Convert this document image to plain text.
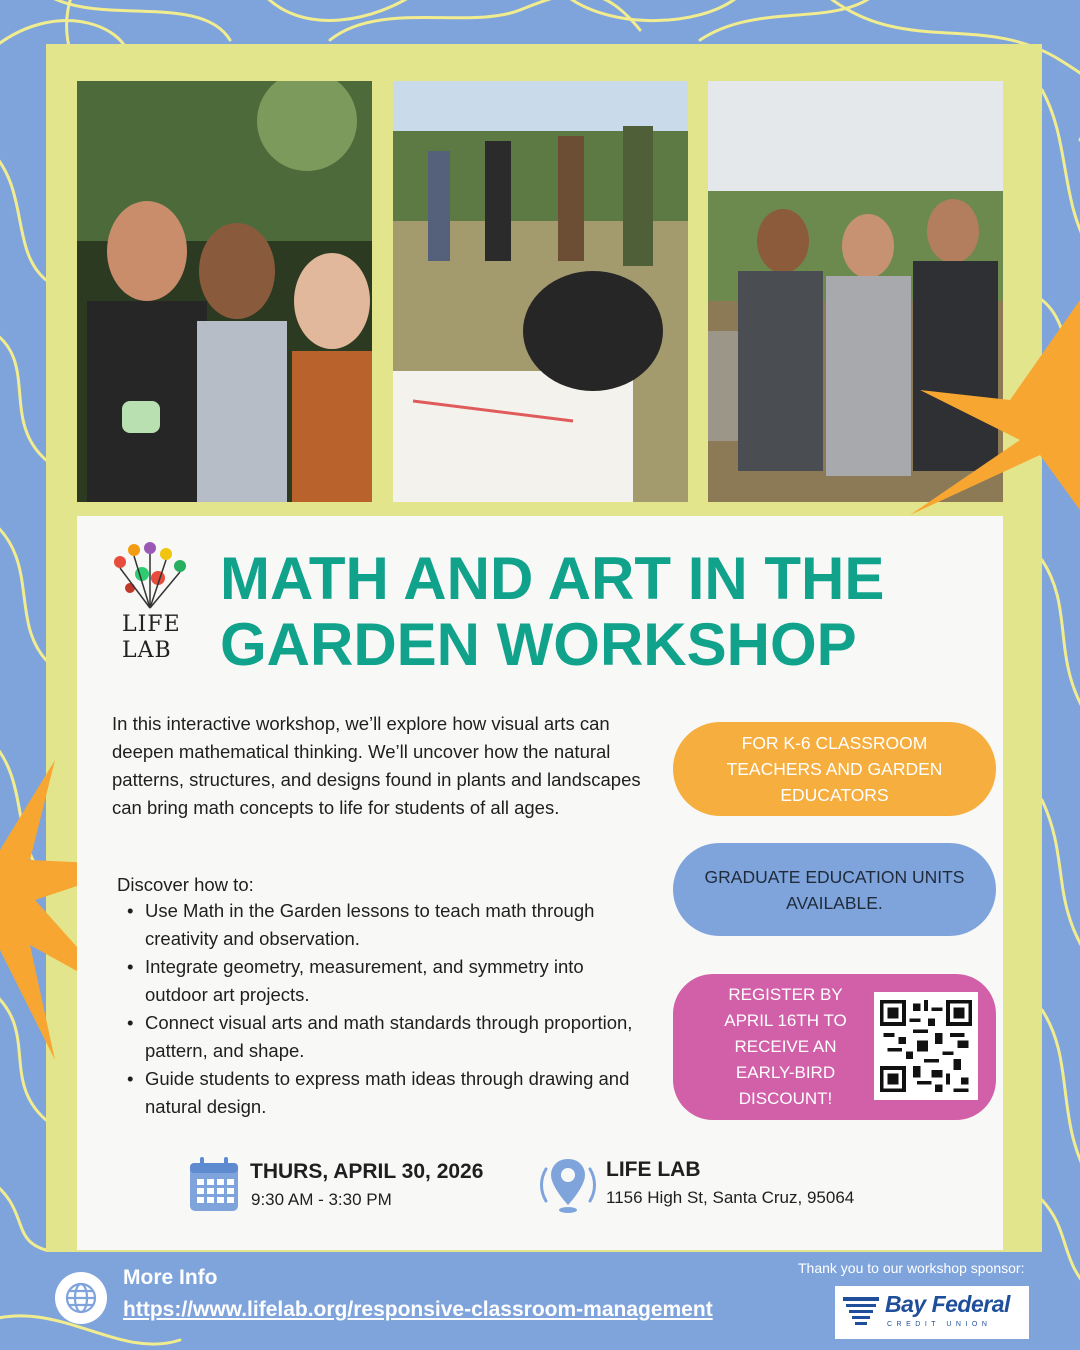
LIFE
LAB
MATH AND ART IN THE GARDEN WORKSHOP

In this interactive workshop, we’ll explore how visual arts can deepen mathematical thinking. We’ll uncover how the natural patterns, structures, and designs found in plants and landscapes can bring math concepts to life for students of all ages.

Discover how to:
• Use Math in the Garden lessons to teach math through creativity and observation.
• Integrate geometry, measurement, and symmetry into outdoor art projects.
• Connect visual arts and math standards through proportion, pattern, and shape.
• Guide students to express math ideas through drawing and natural design.
FOR K-6 CLASSROOM TEACHERS AND GARDEN EDUCATORS
GRADUATE EDUCATION UNITS AVAILABLE.
REGISTER BY APRIL 16TH TO RECEIVE AN EARLY-BIRD DISCOUNT!
THURS, APRIL 30, 2026
9:30 AM - 3:30 PM
LIFE LAB
1156 High St, Santa Cruz, 95064
More Info
https://www.lifelab.org/responsive-classroom-management
Thank you to our workshop sponsor:
Bay Federal
CREDIT UNION
